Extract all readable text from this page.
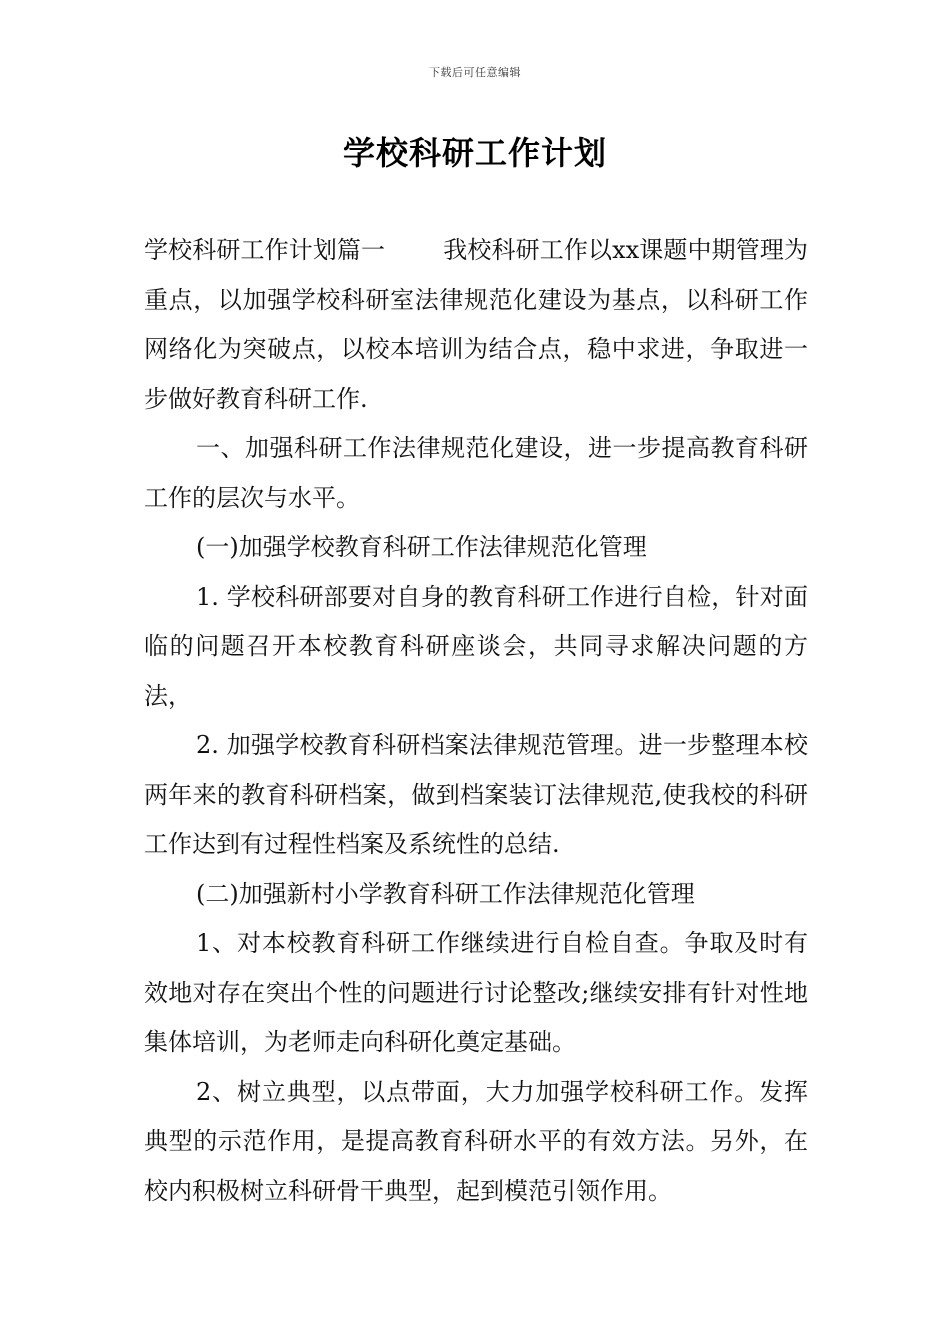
下载后可任意编辑
学校科研工作计划

学校科研工作计划篇一 我校科研工作以xx课题中期管理为重点，以加强学校科研室法律规范化建设为基点，以科研工作网络化为突破点，以校本培训为结合点，稳中求进，争取进一步做好教育科研工作.

一、加强科研工作法律规范化建设，进一步提高教育科研工作的层次与水平。

(一)加强学校教育科研工作法律规范化管理

1. 学校科研部要对自身的教育科研工作进行自检，针对面临的问题召开本校教育科研座谈会，共同寻求解决问题的方法，

2. 加强学校教育科研档案法律规范管理。进一步整理本校两年来的教育科研档案，做到档案装订法律规范,使我校的科研工作达到有过程性档案及系统性的总结.

(二)加强新村小学教育科研工作法律规范化管理

1、对本校教育科研工作继续进行自检自查。争取及时有效地对存在突出个性的问题进行讨论整改;继续安排有针对性地集体培训，为老师走向科研化奠定基础。

2、树立典型，以点带面，大力加强学校科研工作。发挥典型的示范作用，是提高教育科研水平的有效方法。另外，在校内积极树立科研骨干典型，起到模范引领作用。
